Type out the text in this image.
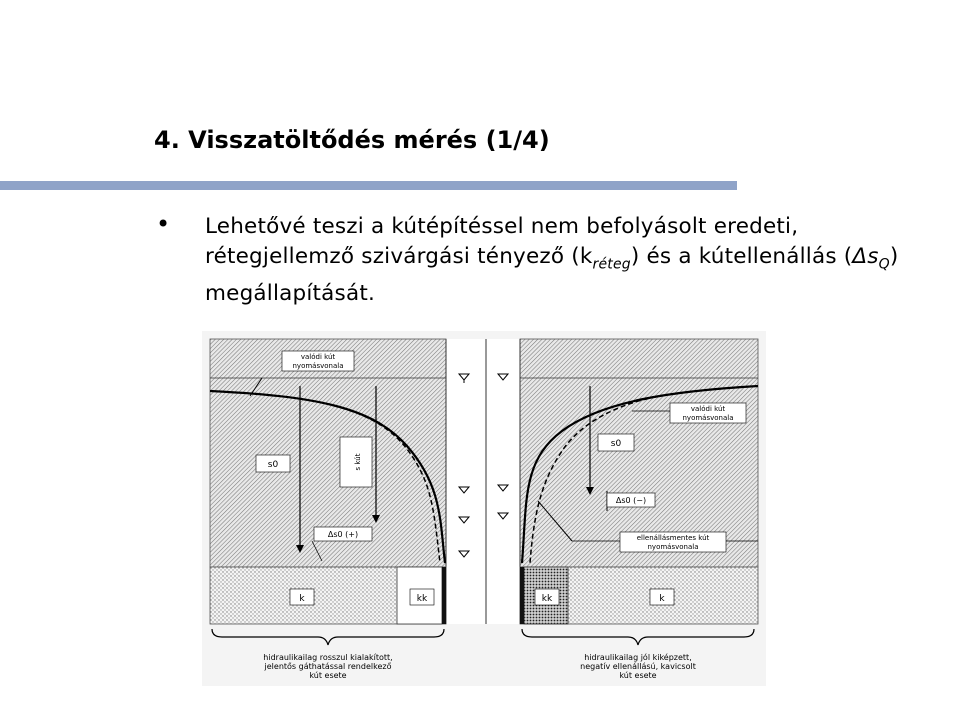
4. Visszatöltődés mérés (1/4)
• Lehetővé teszi a kútépítéssel nem befolyásolt eredeti, rétegjellemző szivárgási tényező $(k_{réteg})$ és a kútellenállás $(\Delta s_Q)$ megállapítását.
s0	s kút
Δs0 (+)
valódi kút
nyomásvonala
s0
Δs0 (−)
valódi kút
nyomásvonala
ellenállásmentes kút
nyomásvonala
k	kk	kk	k
hidraulikailag rosszul kialakított,
jelentős gáthatással rendelkező
kút esete
hidraulikailag jól kiképzett,
negatív ellenállású, kavicsolt
kút esete
